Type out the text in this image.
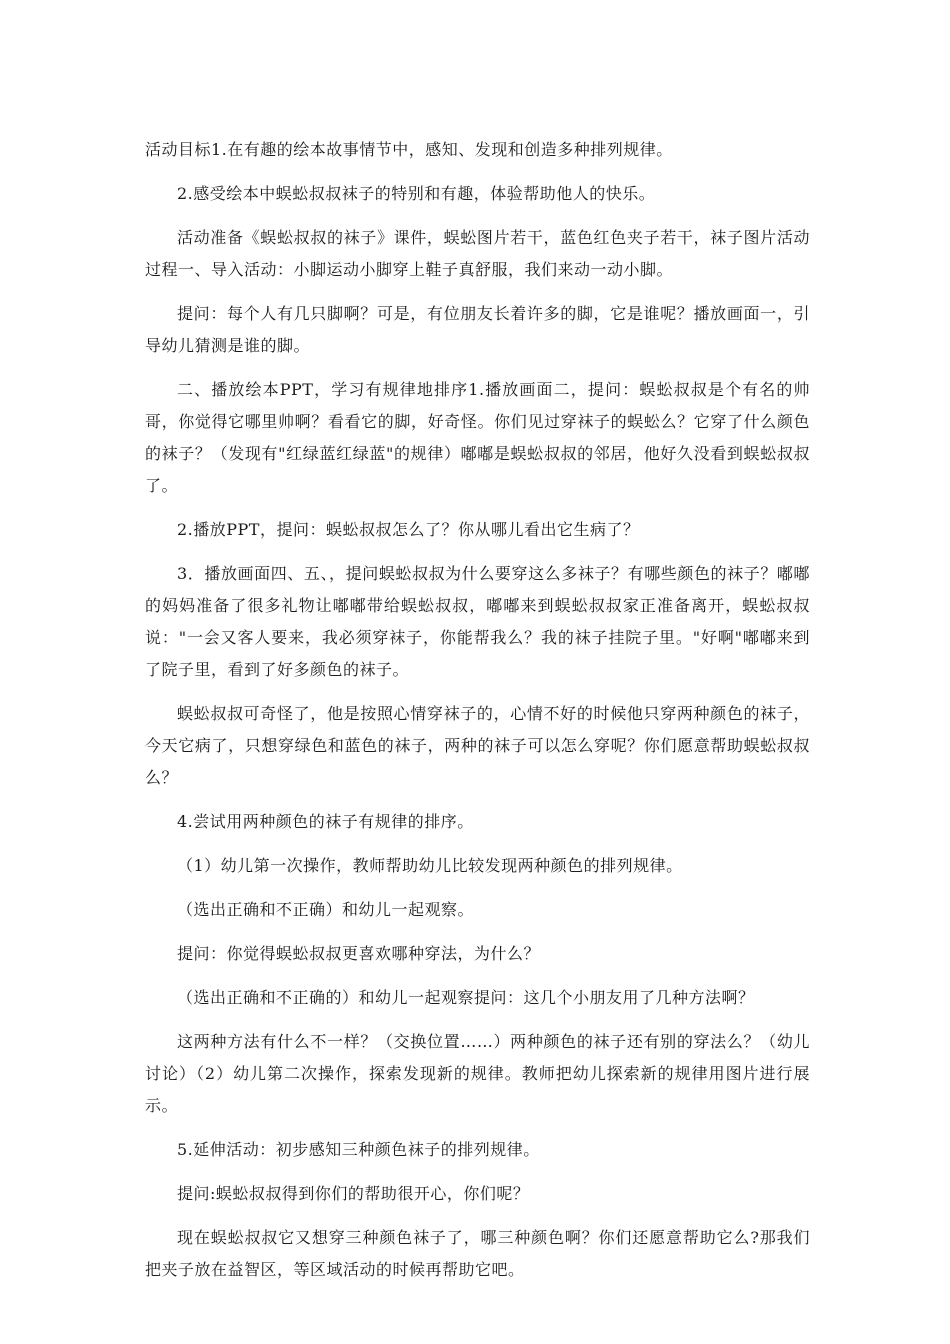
活动目标1.在有趣的绘本故事情节中，感知、发现和创造多种排列规律。

2.感受绘本中蜈蚣叔叔袜子的特别和有趣，体验帮助他人的快乐。

活动准备《蜈蚣叔叔的袜子》课件，蜈蚣图片若干，蓝色红色夹子若干，袜子图片活动过程一、导入活动：小脚运动小脚穿上鞋子真舒服，我们来动一动小脚。

提问：每个人有几只脚啊？可是，有位朋友长着许多的脚，它是谁呢？播放画面一，引导幼儿猜测是谁的脚。

二、播放绘本PPT，学习有规律地排序1.播放画面二，提问：蜈蚣叔叔是个有名的帅哥，你觉得它哪里帅啊？看看它的脚，好奇怪。你们见过穿袜子的蜈蚣么？它穿了什么颜色的袜子？（发现有"红绿蓝红绿蓝"的规律）嘟嘟是蜈蚣叔叔的邻居，他好久没看到蜈蚣叔叔了。

2.播放PPT，提问：蜈蚣叔叔怎么了？你从哪儿看出它生病了？

3．播放画面四、五、，提问蜈蚣叔叔为什么要穿这么多袜子？有哪些颜色的袜子？嘟嘟的妈妈准备了很多礼物让嘟嘟带给蜈蚣叔叔，嘟嘟来到蜈蚣叔叔家正准备离开，蜈蚣叔叔说："一会又客人要来，我必须穿袜子，你能帮我么？我的袜子挂院子里。"好啊"嘟嘟来到了院子里，看到了好多颜色的袜子。

蜈蚣叔叔可奇怪了，他是按照心情穿袜子的，心情不好的时候他只穿两种颜色的袜子，今天它病了，只想穿绿色和蓝色的袜子，两种的袜子可以怎么穿呢？你们愿意帮助蜈蚣叔叔么？

4.尝试用两种颜色的袜子有规律的排序。

（1）幼儿第一次操作，教师帮助幼儿比较发现两种颜色的排列规律。

（选出正确和不正确）和幼儿一起观察。

提问：你觉得蜈蚣叔叔更喜欢哪种穿法，为什么？

（选出正确和不正确的）和幼儿一起观察提问：这几个小朋友用了几种方法啊？

这两种方法有什么不一样？（交换位置……）两种颜色的袜子还有别的穿法么？（幼儿讨论）（2）幼儿第二次操作，探索发现新的规律。教师把幼儿探索新的规律用图片进行展示。

5.延伸活动：初步感知三种颜色袜子的排列规律。

提问:蜈蚣叔叔得到你们的帮助很开心，你们呢？

现在蜈蚣叔叔它又想穿三种颜色袜子了，哪三种颜色啊？你们还愿意帮助它么?那我们把夹子放在益智区，等区域活动的时候再帮助它吧。
